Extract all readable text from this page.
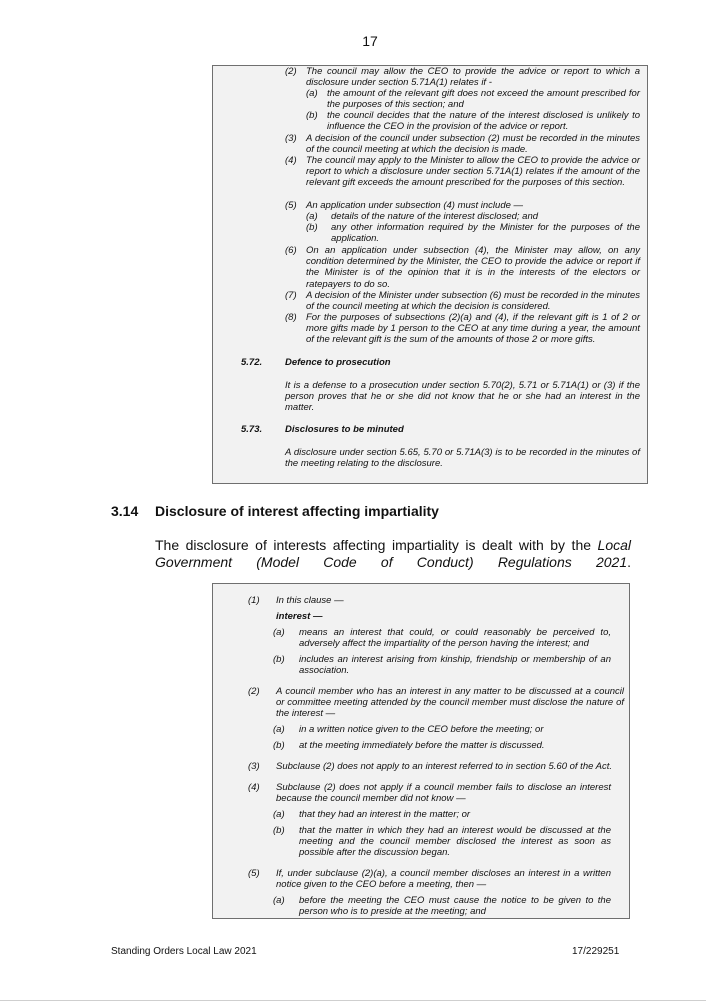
17
(2) The council may allow the CEO to provide the advice or report to which a disclosure under section 5.71A(1) relates if -
(a) the amount of the relevant gift does not exceed the amount prescribed for the purposes of this section; and
(b) the council decides that the nature of the interest disclosed is unlikely to influence the CEO in the provision of the advice or report.
(3) A decision of the council under subsection (2) must be recorded in the minutes of the council meeting at which the decision is made.
(4) The council may apply to the Minister to allow the CEO to provide the advice or report to which a disclosure under section 5.71A(1) relates if the amount of the relevant gift exceeds the amount prescribed for the purposes of this section.
(5) An application under subsection (4) must include —
(a) details of the nature of the interest disclosed; and
(b) any other information required by the Minister for the purposes of the application.
(6) On an application under subsection (4), the Minister may allow, on any condition determined by the Minister, the CEO to provide the advice or report if the Minister is of the opinion that it is in the interests of the electors or ratepayers to do so.
(7) A decision of the Minister under subsection (6) must be recorded in the minutes of the council meeting at which the decision is considered.
(8) For the purposes of subsections (2)(a) and (4), if the relevant gift is 1 of 2 or more gifts made by 1 person to the CEO at any time during a year, the amount of the relevant gift is the sum of the amounts of those 2 or more gifts.
5.72. Defence to prosecution
It is a defense to a prosecution under section 5.70(2), 5.71 or 5.71A(1) or (3) if the person proves that he or she did not know that he or she had an interest in the matter.
5.73. Disclosures to be minuted
A disclosure under section 5.65, 5.70 or 5.71A(3) is to be recorded in the minutes of the meeting relating to the disclosure.
3.14 Disclosure of interest affecting impartiality
The disclosure of interests affecting impartiality is dealt with by the Local Government (Model Code of Conduct) Regulations 2021.
(1) In this clause —
interest —
(a) means an interest that could, or could reasonably be perceived to, adversely affect the impartiality of the person having the interest; and
(b) includes an interest arising from kinship, friendship or membership of an association.
(2) A council member who has an interest in any matter to be discussed at a council or committee meeting attended by the council member must disclose the nature of the interest —
(a) in a written notice given to the CEO before the meeting; or
(b) at the meeting immediately before the matter is discussed.
(3) Subclause (2) does not apply to an interest referred to in section 5.60 of the Act.
(4) Subclause (2) does not apply if a council member fails to disclose an interest because the council member did not know —
(a) that they had an interest in the matter; or
(b) that the matter in which they had an interest would be discussed at the meeting and the council member disclosed the interest as soon as possible after the discussion began.
(5) If, under subclause (2)(a), a council member discloses an interest in a written notice given to the CEO before a meeting, then —
(a) before the meeting the CEO must cause the notice to be given to the person who is to preside at the meeting; and
Standing Orders Local Law 2021	17/229251
